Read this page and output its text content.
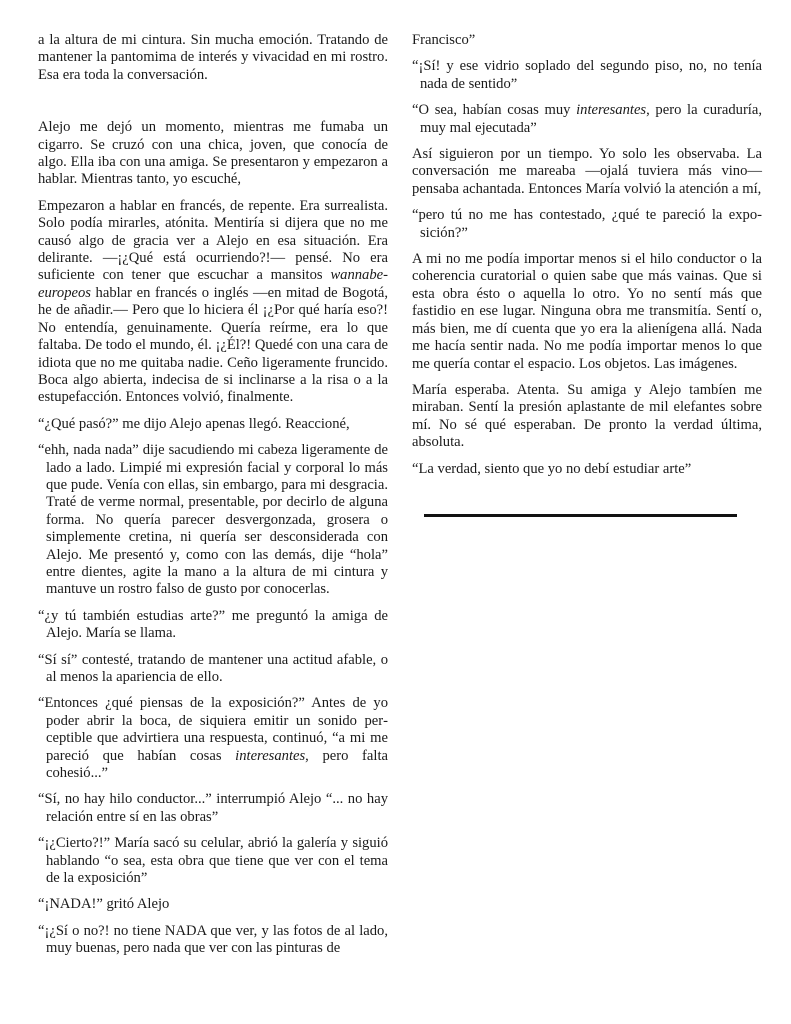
a la altura de mi cintura. Sin mucha emoción. Tratando de mantener la pantomima de interés y vivacidad en mi rostro. Esa era toda la conversación.

Alejo me dejó un momento, mientras me fumaba un cigarro. Se cruzó con una chica, joven, que conocía de algo. Ella iba con una amiga. Se presentaron y empezaron a hablar. Mientras tanto, yo escuché,

Empezaron a hablar en francés, de repente. Era surrealista. Solo podía mirarles, atónita. Mentiría si dijera que no me causó algo de gracia ver a Alejo en esa situación. Era delirante. —¡¿Qué está ocurriendo?!— pensé. No era suficiente con tener que escuchar a mansitos wannabe-europeos hablar en francés o inglés —en mitad de Bogotá, he de añadir.— Pero que lo hiciera él ¡¿Por qué haría eso?! No entendía, genuinamente. Quería reírme, era lo que faltaba. De todo el mundo, él. ¡¿Él?! Quedé con una cara de idiota que no me quitaba nadie. Ceño ligeramente fruncido. Boca algo abierta, indecisa de si inclinarse a la risa o a la estupefacción. Entonces volvió, finalmente.

“¿Qué pasó?” me dijo Alejo apenas llegó. Reaccioné,

“ehh, nada nada” dije sacudiendo mi cabeza ligeramente de lado a lado. Limpié mi expresión facial y corporal lo más que pude. Venía con ellas, sin embargo, para mi desgracia. Traté de verme normal, presentable, por decirlo de alguna forma. No quería parecer desvergonzada, grosera o simplemente cretina, ni quería ser desconsiderada con Alejo. Me presentó y, como con las demás, dije “hola” entre dientes, agite la mano a la altura de mi cintura y mantuve un rostro falso de gusto por conocerlas.

“¿y tú también estudias arte?” me preguntó la amiga de Alejo. María se llama.

“Sí sí” contesté, tratando de mantener una actitud afable, o al menos la apariencia de ello.

“Entonces ¿qué piensas de la exposición?” Antes de yo poder abrir la boca, de siquiera emitir un sonido perceptible que advirtiera una respuesta, continuó, “a mi me pareció que habían cosas interesantes, pero falta cohesió...”

“Sí, no hay hilo conductor...” interrumpió Alejo “... no hay relación entre sí en las obras”

“¡¿Cierto?!” María sacó su celular, abrió la galería y siguió hablando “o sea, esta obra que tiene que ver con el tema de la exposición”

“¡NADA!” gritó Alejo

“¡¿Sí o no?! no tiene NADA que ver, y las fotos de al lado, muy buenas, pero nada que ver con las pinturas de

Francisco”

“¡Sí! y ese vidrio soplado del segundo piso, no, no tenía nada de sentido”

“O sea, habían cosas muy interesantes, pero la curaduría, muy mal ejecutada”

Así siguieron por un tiempo. Yo solo les observaba. La conversación me mareaba —ojalá tuviera más vino— pensaba achantada. Entonces María volvió la atención a mí,

“pero tú no me has contestado, ¿qué te pareció la exposición?”

A mi no me podía importar menos si el hilo conductor o la coherencia curatorial o quien sabe que más vainas. Que si esta obra ésto o aquella lo otro. Yo no sentí más que fastidio en ese lugar. Ninguna obra me transmitía. Sentí o, más bien, me dí cuenta que yo era la alienígena allá. Nada me hacía sentir nada. No me podía importar menos lo que me quería contar el espacio. Los objetos. Las imágenes.

María esperaba. Atenta. Su amiga y Alejo tambíen me miraban. Sentí la presión aplastante de mil elefantes sobre mí. No sé qué esperaban. De pronto la verdad última, absoluta.

“La verdad, siento que yo no debí estudiar arte”
